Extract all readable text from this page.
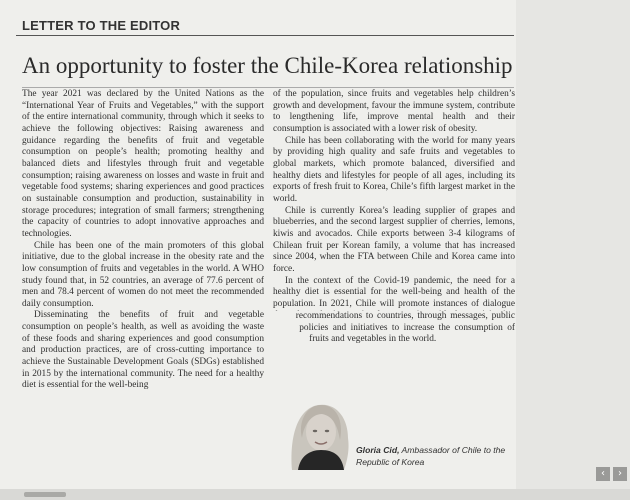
LETTER TO THE EDITOR
An opportunity to foster the Chile-Korea relationship

The year 2021 was declared by the United Nations as the “International Year of Fruits and Vegetables,” with the support of the entire international community, through which it seeks to achieve the following objectives: Raising awareness and guidance regarding the benefits of fruit and vegetable consumption on people’s health; promoting healthy and balanced diets and lifestyles through fruit and vegetable consumption; raising awareness on losses and waste in fruit and vegetable food systems; sharing experiences and good practices on sustainable consumption and production, sustainability in storage procedures; integration of small farmers; strengthening the capacity of countries to adopt innovative approaches and technologies.

Chile has been one of the main promoters of this global initiative, due to the global increase in the obesity rate and the low consumption of fruits and vegetables in the world. A WHO study found that, in 52 countries, an average of 77.6 percent of men and 78.4 percent of women do not meet the recommended daily consumption.

Disseminating the benefits of fruit and vegetable consumption on people’s health, as well as avoiding the waste of these foods and sharing experiences and good consumption and production practices, are of cross-cutting importance to achieve the Sustainable Development Goals (SDGs) established in 2015 by the international community. The need for a healthy diet is essential for the well-being

of the population, since fruits and vegetables help children’s growth and development, favour the immune system, contribute to lengthening life, improve mental health and their consumption is associated with a lower risk of obesity.

Chile has been collaborating with the world for many years by providing high quality and safe fruits and vegetables to global markets, which promote balanced, diversified and healthy diets and lifestyles for people of all ages, including its exports of fresh fruit to Korea, Chile’s fifth largest market in the world.

Chile is currently Korea’s leading supplier of grapes and blueberries, and the second largest supplier of cherries, lemons, kiwis and avocados. Chile exports between 3-4 kilograms of Chilean fruit per Korean family, a volume that has increased since 2004, when the FTA between Chile and Korea came into force.

In the context of the Covid-19 pandemic, the need for a healthy diet is essential for the well-being and health of the population. In 2021, Chile will promote instances of dialogue

recommendations to countries, through messages, public policies and initiatives to increase the consumption of fruits and vegetables in the world.

Gloria Cid, Ambassador of Chile to the Republic of Korea
‹	›
